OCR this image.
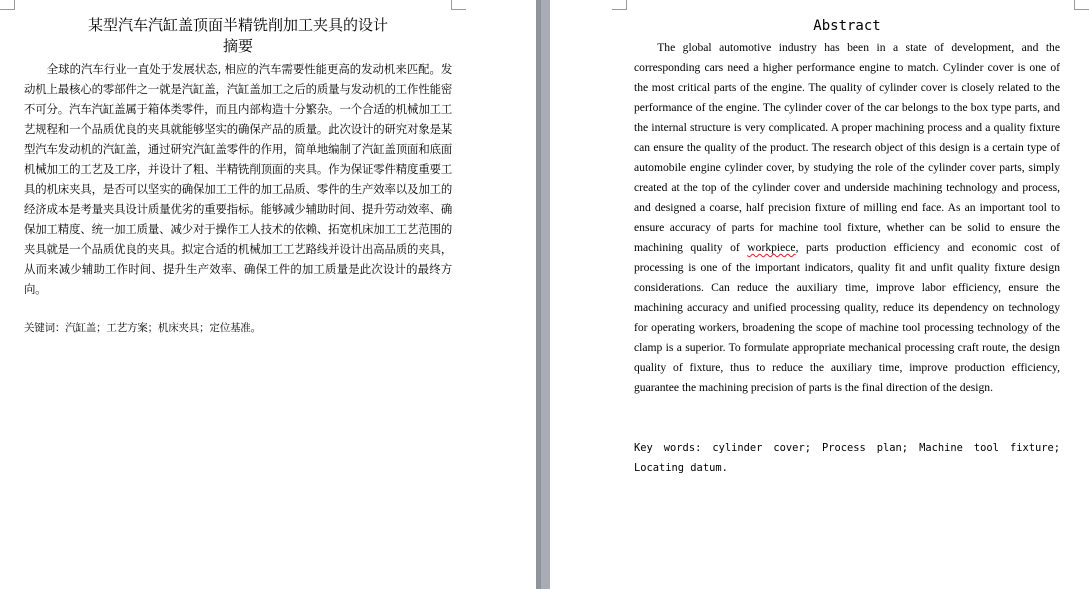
某型汽车汽缸盖顶面半精铣削加工夹具的设计
摘要
全球的汽车行业一直处于发展状态, 相应的汽车需要性能更高的发动机来匹配。发动机上最核心的零部件之一就是汽缸盖，汽缸盖加工之后的质量与发动机的工作性能密不可分。汽车汽缸盖属于箱体类零件，而且内部构造十分繁杂。一个合适的机械加工工艺规程和一个品质优良的夹具就能够坚实的确保产品的质量。此次设计的研究对象是某型汽车发动机的汽缸盖，通过研究汽缸盖零件的作用，简单地编制了汽缸盖顶面和底面机械加工的工艺及工序，并设计了粗、半精铣削顶面的夹具。作为保证零件精度重要工具的机床夹具，是否可以坚实的确保加工工件的加工品质、零件的生产效率以及加工的经济成本是考量夹具设计质量优劣的重要指标。能够减少辅助时间、提升劳动效率、确保加工精度、统一加工质量、减少对于操作工人技术的依赖、拓宽机床加工工艺范围的夹具就是一个品质优良的夹具。拟定合适的机械加工工艺路线并设计出高品质的夹具，从而来减少辅助工作时间、提升生产效率、确保工件的加工质量是此次设计的最终方向。
关键词：汽缸盖；工艺方案；机床夹具；定位基准。
Abstract
The global automotive industry has been in a state of development, and the corresponding cars need a higher performance engine to match. Cylinder cover is one of the most critical parts of the engine. The quality of cylinder cover is closely related to the performance of the engine. The cylinder cover of the car belongs to the box type parts, and the internal structure is very complicated. A proper machining process and a quality fixture can ensure the quality of the product. The research object of this design is a certain type of automobile engine cylinder cover, by studying the role of the cylinder cover parts, simply created at the top of the cylinder cover and underside machining technology and process, and designed a coarse, half precision fixture of milling end face. As an important tool to ensure accuracy of parts for machine tool fixture, whether can be solid to ensure the machining quality of workpiece, parts production efficiency and economic cost of processing is one of the important indicators, quality fit and unfit quality fixture design considerations. Can reduce the auxiliary time, improve labor efficiency, ensure the machining accuracy and unified processing quality, reduce its dependency on technology for operating workers, broadening the scope of machine tool processing technology of the clamp is a superior. To formulate appropriate mechanical processing craft route, the design quality of fixture, thus to reduce the auxiliary time, improve production efficiency, guarantee the machining precision of parts is the final direction of the design.
Key words: cylinder cover; Process plan; Machine tool fixture; Locating datum.
